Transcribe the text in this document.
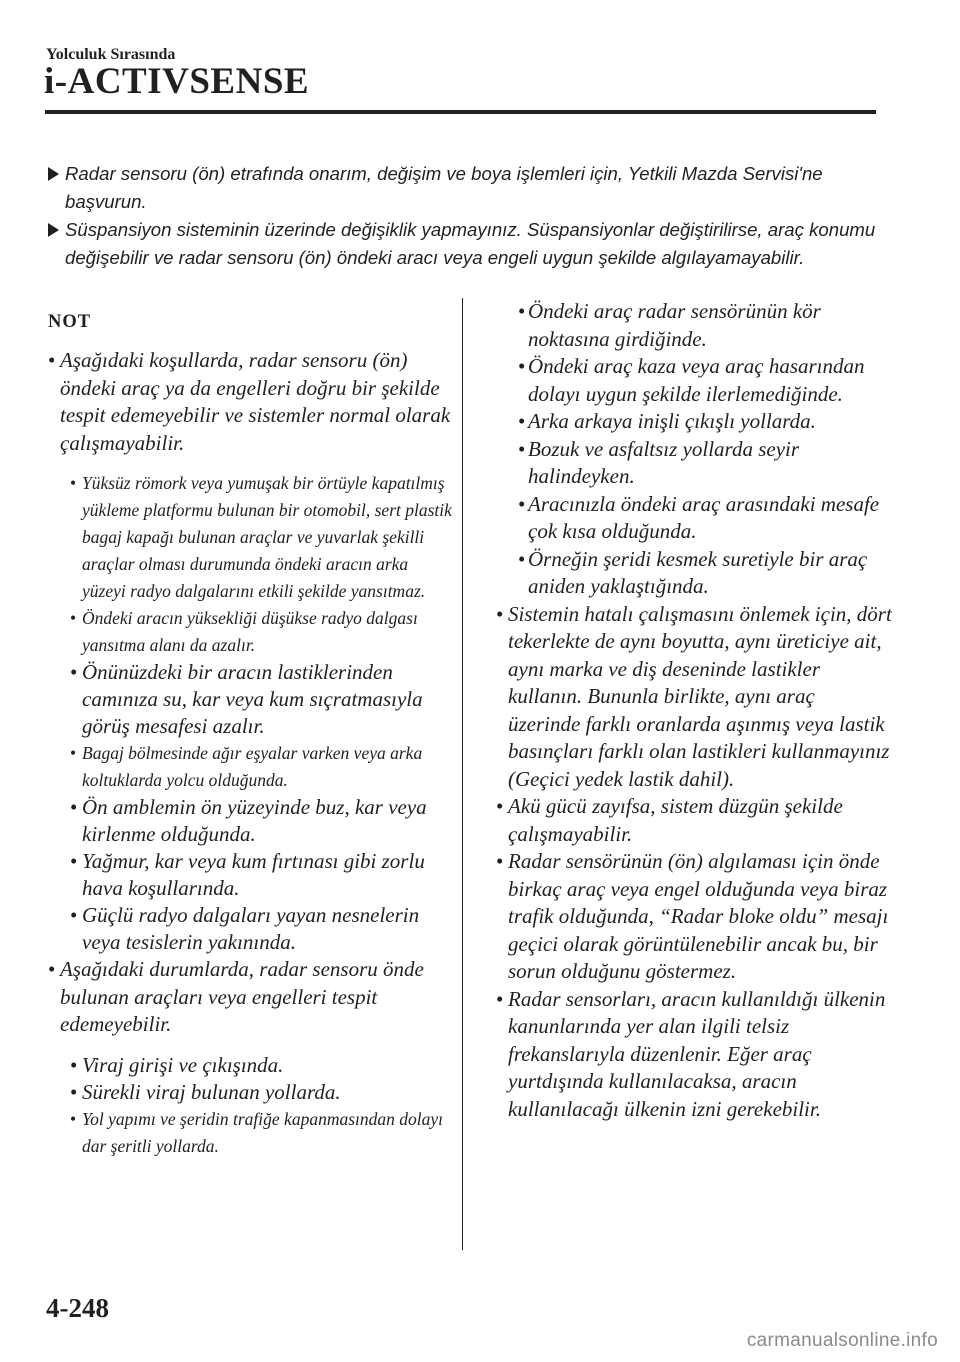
Yolculuk Sırasında
i-ACTIVSENSE
Radar sensoru (ön) etrafında onarım, değişim ve boya işlemleri için, Yetkili Mazda Servisi'ne başvurun.
Süspansiyon sisteminin üzerinde değişiklik yapmayınız. Süspansiyonlar değiştirilirse, araç konumu değişebilir ve radar sensoru (ön) öndeki aracı veya engeli uygun şekilde algılayamayabilir.
NOT
• Aşağıdaki koşullarda, radar sensoru (ön) öndeki araç ya da engelleri doğru bir şekilde tespit edemeyebilir ve sistemler normal olarak çalışmayabilir.
• Yüksüz römork veya yumuşak bir örtüyle kapatılmış yükleme platformu bulunan bir otomobil, sert plastik bagaj kapağı bulunan araçlar ve yuvarlak şekilli araçlar olması durumunda öndeki aracın arka yüzeyi radyo dalgalarını etkili şekilde yansıtmaz.
• Öndeki aracın yüksekliği düşükse radyo dalgası yansıtma alanı da azalır.
• Önünüzdeki bir aracın lastiklerinden camınıza su, kar veya kum sıçratmasıyla görüş mesafesi azalır.
• Bagaj bölmesinde ağır eşyalar varken veya arka koltuklarda yolcu olduğunda.
• Ön amblemin ön yüzeyinde buz, kar veya kirlenme olduğunda.
• Yağmur, kar veya kum fırtınası gibi zorlu hava koşullarında.
• Güçlü radyo dalgaları yayan nesnelerin veya tesislerin yakınında.
• Aşağıdaki durumlarda, radar sensoru önde bulunan araçları veya engelleri tespit edemeyebilir.
• Viraj girişi ve çıkışında.
• Sürekli viraj bulunan yollarda.
• Yol yapımı ve şeridin trafiğe kapanmasından dolayı dar şeritli yollarda.
• Öndeki araç radar sensörünün kör noktasına girdiğinde.
• Öndeki araç kaza veya araç hasarından dolayı uygun şekilde ilerlemediğinde.
• Arka arkaya inişli çıkışlı yollarda.
• Bozuk ve asfaltsız yollarda seyir halindeyken.
• Aracınızla öndeki araç arasındaki mesafe çok kısa olduğunda.
• Örneğin şeridi kesmek suretiyle bir araç aniden yaklaştığında.
• Sistemin hatalı çalışmasını önlemek için, dört tekerlekte de aynı boyutta, aynı üreticiye ait, aynı marka ve diş deseninde lastikler kullanın. Bununla birlikte, aynı araç üzerinde farklı oranlarda aşınmış veya lastik basınçları farklı olan lastikleri kullanmayınız (Geçici yedek lastik dahil).
• Akü gücü zayıfsa, sistem düzgün şekilde çalışmayabilir.
• Radar sensörünün (ön) algılaması için önde birkaç araç veya engel olduğunda veya biraz trafik olduğunda, “Radar bloke oldu” mesajı geçici olarak görüntülenebilir ancak bu, bir sorun olduğunu göstermez.
• Radar sensorları, aracın kullanıldığı ülkenin kanunlarında yer alan ilgili telsiz frekanslarıyla düzenlenir. Eğer araç yurtdışında kullanılacaksa, aracın kullanılacağı ülkenin izni gerekebilir.
4-248
carmanualsonline.info
